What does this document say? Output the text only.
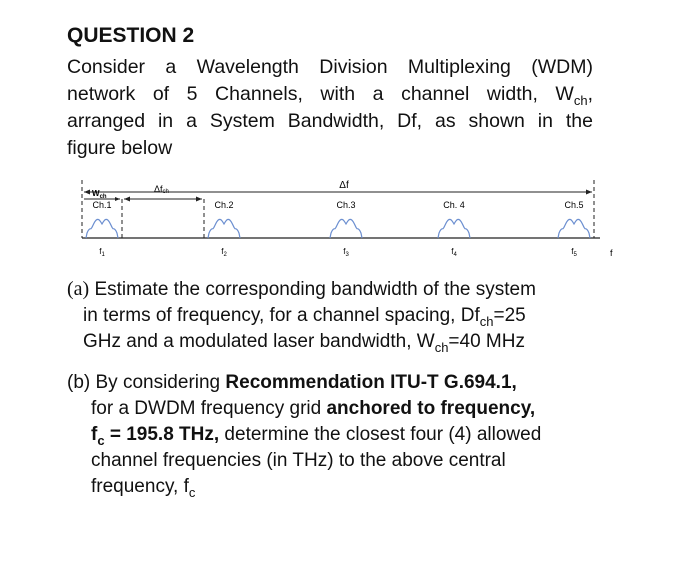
QUESTION 2
Consider a Wavelength Division Multiplexing (WDM)
network of 5 Channels, with a channel width, $W_{ch}$,
arranged in a System Bandwidth, Df, as shown in the
figure below
Δf
$W_{ch}$
Δfch
f
Ch.1
$f_1$
Ch.2
$f_2$
Ch.3
$f_3$
Ch. 4
$f_4$
Ch.5
$f_5$
(a) Estimate the corresponding bandwidth of the system
in terms of frequency, for a channel spacing, $Df_{ch}=25$
GHz and a modulated laser bandwidth, $W_{ch}=40$ MHz
(b) By considering Recommendation ITU-T G.694.1,
for a DWDM frequency grid anchored to frequency,
$f_c = 195.8$ THz, determine the closest four (4) allowed
channel frequencies (in THz) to the above central
frequency, $f_c$
